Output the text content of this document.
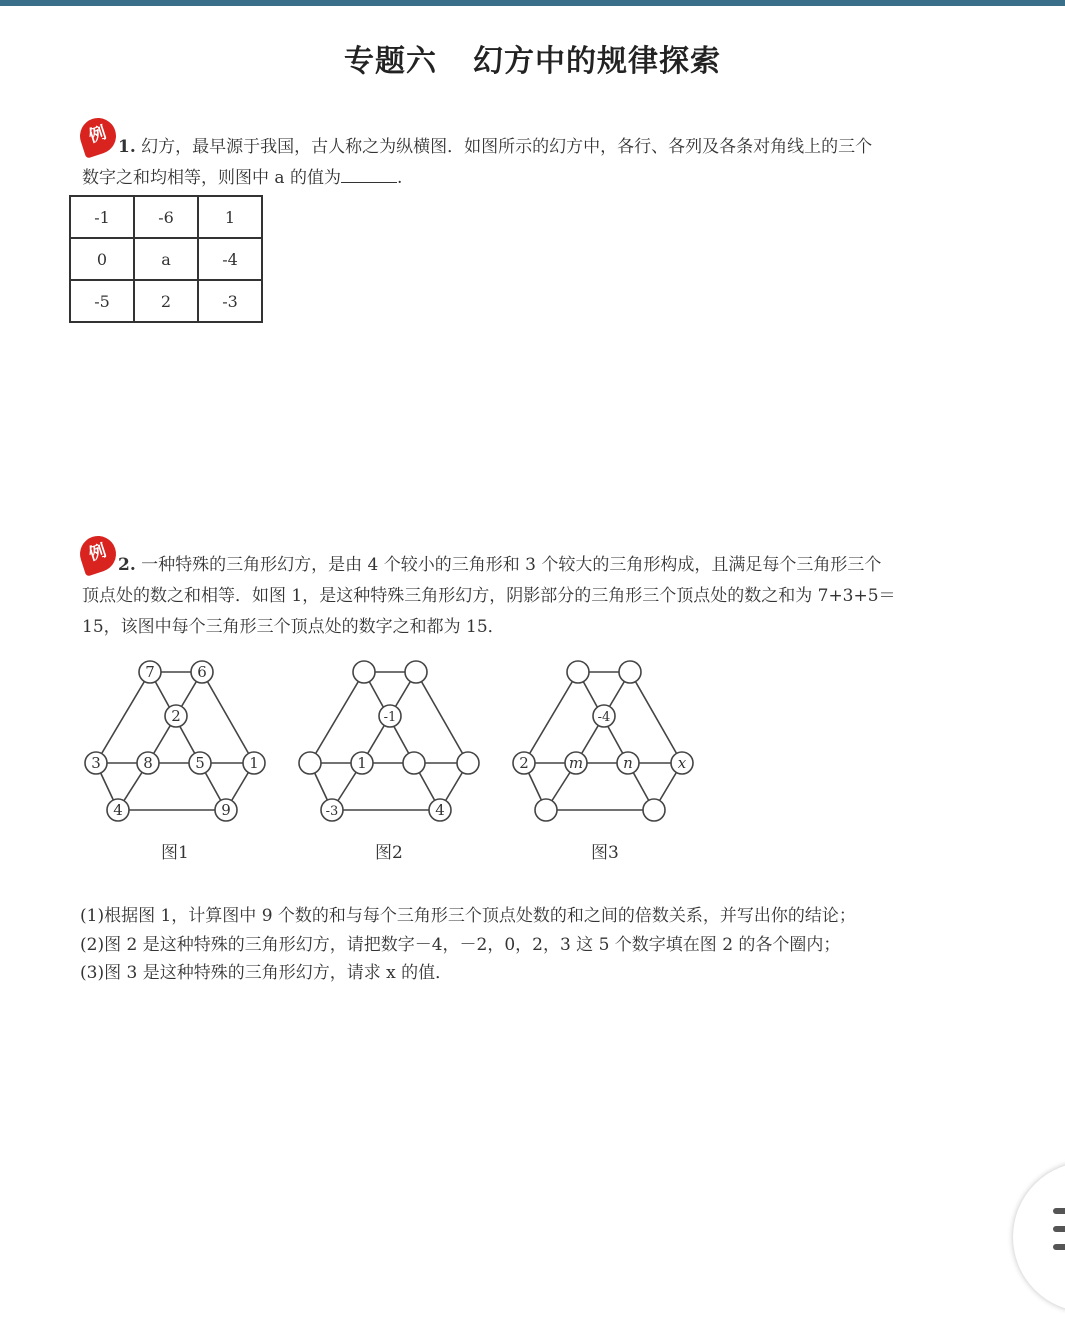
专题六 幻方中的规律探索
例 1. 幻方，最早源于我国，古人称之为纵横图．如图所示的幻方中，各行、各列及各条对角线上的三个
数字之和均相等，则图中 a 的值为	.
-1	-6	1
0	a	-4
-5	2	-3
例 2. 一种特殊的三角形幻方，是由 4 个较小的三角形和 3 个较大的三角形构成，且满足每个三角形三个
顶点处的数之和相等．如图 1，是这种特殊三角形幻方，阴影部分的三角形三个顶点处的数之和为 7+3+5＝
15，该图中每个三角形三个顶点处的数字之和都为 15．
7	6
2
3	8	5	1
4	9
-1
1
-3	4
-4
2	m	n	x
图1	图2	图3
(1)根据图 1，计算图中 9 个数的和与每个三角形三个顶点处数的和之间的倍数关系，并写出你的结论；
(2)图 2 是这种特殊的三角形幻方，请把数字－4，－2，0，2，3 这 5 个数字填在图 2 的各个圈内；
(3)图 3 是这种特殊的三角形幻方，请求 x 的值．
